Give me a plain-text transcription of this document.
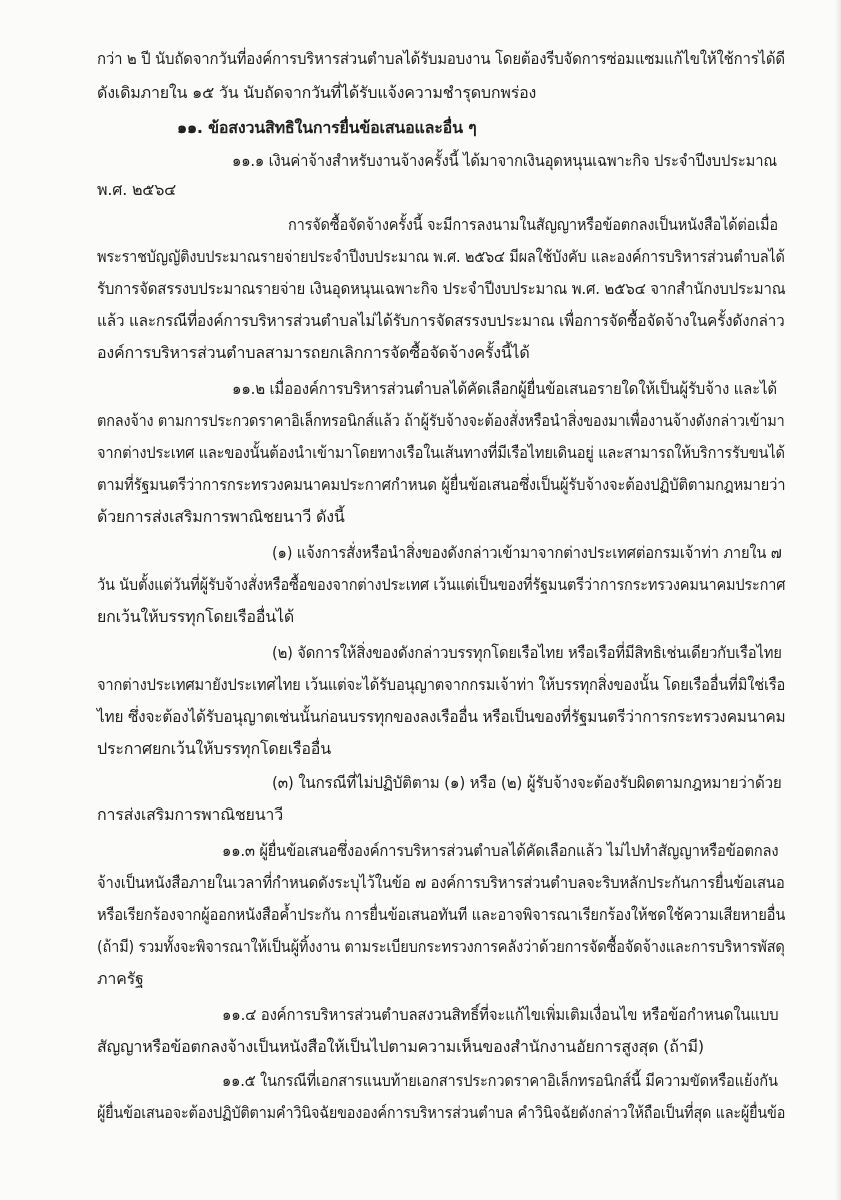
กว่า ๒ ปี นับถัดจากวันที่องค์การบริหารส่วนตำบลได้รับมอบงาน โดยต้องรีบจัดการซ่อมแซมแก้ไขให้ใช้การได้ดี
ดังเดิมภายใน ๑๕ วัน นับถัดจากวันที่ได้รับแจ้งความชำรุดบกพร่อง
๑๑. ข้อสงวนสิทธิในการยื่นข้อเสนอและอื่น ๆ
๑๑.๑ เงินค่าจ้างสำหรับงานจ้างครั้งนี้ ได้มาจากเงินอุดหนุนเฉพาะกิจ ประจำปีงบประมาณ
พ.ศ. ๒๕๖๔
การจัดซื้อจัดจ้างครั้งนี้ จะมีการลงนามในสัญญาหรือข้อตกลงเป็นหนังสือได้ต่อเมื่อ
พระราชบัญญัติงบประมาณรายจ่ายประจำปีงบประมาณ พ.ศ. ๒๕๖๔ มีผลใช้บังคับ และองค์การบริหารส่วนตำบลได้
รับการจัดสรรงบประมาณรายจ่าย เงินอุดหนุนเฉพาะกิจ ประจำปีงบประมาณ พ.ศ. ๒๕๖๔ จากสำนักงบประมาณ
แล้ว และกรณีที่องค์การบริหารส่วนตำบลไม่ได้รับการจัดสรรงบประมาณ เพื่อการจัดซื้อจัดจ้างในครั้งดังกล่าว
องค์การบริหารส่วนตำบลสามารถยกเลิกการจัดซื้อจัดจ้างครั้งนี้ได้
๑๑.๒ เมื่อองค์การบริหารส่วนตำบลได้คัดเลือกผู้ยื่นข้อเสนอรายใดให้เป็นผู้รับจ้าง และได้
ตกลงจ้าง ตามการประกวดราคาอิเล็กทรอนิกส์แล้ว ถ้าผู้รับจ้างจะต้องสั่งหรือนำสิ่งของมาเพื่องานจ้างดังกล่าวเข้ามา
จากต่างประเทศ และของนั้นต้องนำเข้ามาโดยทางเรือในเส้นทางที่มีเรือไทยเดินอยู่ และสามารถให้บริการรับขนได้
ตามที่รัฐมนตรีว่าการกระทรวงคมนาคมประกาศกำหนด ผู้ยื่นข้อเสนอซึ่งเป็นผู้รับจ้างจะต้องปฏิบัติตามกฎหมายว่า
ด้วยการส่งเสริมการพาณิชยนาวี ดังนี้
(๑) แจ้งการสั่งหรือนำสิ่งของดังกล่าวเข้ามาจากต่างประเทศต่อกรมเจ้าท่า ภายใน ๗
วัน นับตั้งแต่วันที่ผู้รับจ้างสั่งหรือซื้อของจากต่างประเทศ เว้นแต่เป็นของที่รัฐมนตรีว่าการกระทรวงคมนาคมประกาศ
ยกเว้นให้บรรทุกโดยเรืออื่นได้
(๒) จัดการให้สิ่งของดังกล่าวบรรทุกโดยเรือไทย หรือเรือที่มีสิทธิเช่นเดียวกับเรือไทย
จากต่างประเทศมายังประเทศไทย เว้นแต่จะได้รับอนุญาตจากกรมเจ้าท่า ให้บรรทุกสิ่งของนั้น โดยเรืออื่นที่มิใช่เรือ
ไทย ซึ่งจะต้องได้รับอนุญาตเช่นนั้นก่อนบรรทุกของลงเรืออื่น หรือเป็นของที่รัฐมนตรีว่าการกระทรวงคมนาคม
ประกาศยกเว้นให้บรรทุกโดยเรืออื่น
(๓) ในกรณีที่ไม่ปฏิบัติตาม (๑) หรือ (๒) ผู้รับจ้างจะต้องรับผิดตามกฎหมายว่าด้วย
การส่งเสริมการพาณิชยนาวี
๑๑.๓ ผู้ยื่นข้อเสนอซึ่งองค์การบริหารส่วนตำบลได้คัดเลือกแล้ว ไม่ไปทำสัญญาหรือข้อตกลง
จ้างเป็นหนังสือภายในเวลาที่กำหนดดังระบุไว้ในข้อ ๗ องค์การบริหารส่วนตำบลจะริบหลักประกันการยื่นข้อเสนอ
หรือเรียกร้องจากผู้ออกหนังสือค้ำประกัน การยื่นข้อเสนอทันที และอาจพิจารณาเรียกร้องให้ชดใช้ความเสียหายอื่น
(ถ้ามี) รวมทั้งจะพิจารณาให้เป็นผู้ทิ้งงาน ตามระเบียบกระทรวงการคลังว่าด้วยการจัดซื้อจัดจ้างและการบริหารพัสดุ
ภาครัฐ
๑๑.๔ องค์การบริหารส่วนตำบลสงวนสิทธิ์ที่จะแก้ไขเพิ่มเติมเงื่อนไข หรือข้อกำหนดในแบบ
สัญญาหรือข้อตกลงจ้างเป็นหนังสือให้เป็นไปตามความเห็นของสำนักงานอัยการสูงสุด (ถ้ามี)
๑๑.๕ ในกรณีที่เอกสารแนบท้ายเอกสารประกวดราคาอิเล็กทรอนิกส์นี้ มีความขัดหรือแย้งกัน
ผู้ยื่นข้อเสนอจะต้องปฏิบัติตามคำวินิจฉัยขององค์การบริหารส่วนตำบล คำวินิจฉัยดังกล่าวให้ถือเป็นที่สุด และผู้ยื่นข้อ
